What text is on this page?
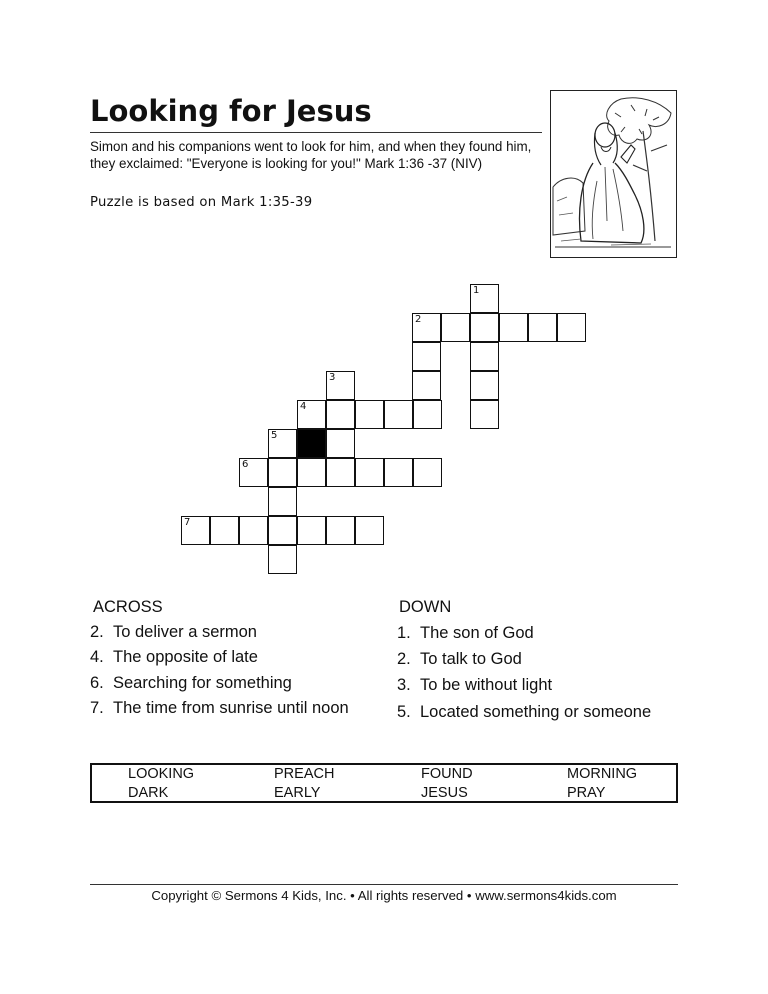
Looking for Jesus

Simon and his companions went to look for him, and when they found him, they exclaimed: "Everyone is looking for you!" Mark 1:36 -37 (NIV)

Puzzle is based on Mark 1:35-39

1
2
3
4
5
6
7
ACROSS
2. To deliver a sermon
4. The opposite of late
6. Searching for something
7. The time from sunrise until noon
DOWN
1. The son of God
2. To talk to God
3. To be without light
5. Located something or someone
LOOKING	PREACH	FOUND	MORNING
DARK	EARLY	JESUS	PRAY

Copyright © Sermons 4 Kids, Inc. • All rights reserved • www.sermons4kids.com
